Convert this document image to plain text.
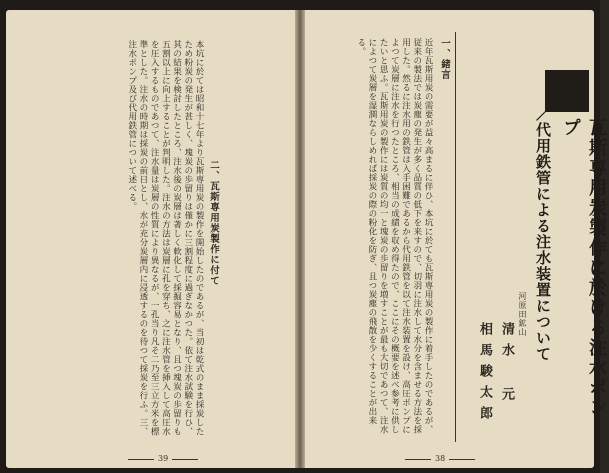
本坑に於ては昭和十七年より瓦斯専用炭の製作を開始したのであるが、当初は乾式のまま採炭したため粉炭の発生が甚しく、塊炭の歩留りは僅かに三割程度に過ぎなかつた。依て注水試験を行ひ、其の結果を検討したところ、注水後の炭層は著しく軟化して採掘容易となり、且つ塊炭の歩留りも五割以上に向上することが判明した。注水の方法は炭層に孔を穿ち、之に注水管を挿入して高圧水を圧入するものであつて、注水量は炭層の性質により異なるが、一孔当り凡そ二乃至三立方米を標準とした。注水の時期は採炭の前日とし、水が充分炭層内に浸透するのを待つて採炭を行ふ。三、注水ポンプ及び代用鉄管について述べる。
二、瓦斯専用炭製作に付て
39
瓦斯専用炭製作に於ける注水ポンプ
／代用鉄管による注水装置について
河原田鉱山
清水 元
相馬駿太郎
一、緒言
近年瓦斯用炭の需要が益々高まるに伴ひ、本坑に於ても瓦斯専用炭の製作に着手したのであるが、従来の製法では炭塵の発生が多く品質の低下を来すので、切羽に注水して水分を含ませる方法を採用した。然るに注水用の鉄管は入手困難であるから代用鉄管を以て注水装置を設け、高圧ポンプによつて炭層に注水を行つたところ、相当の成績を収め得たので、ここにその概要を述べ参考に供したいと思ふ。瓦斯用炭の製作には炭質の均一と塊炭の歩留りを増すことが最も大切であつて、注水によつて炭層を湿潤ならしめれば採炭の際の粉化を防ぎ、且つ炭塵の飛散を少くすることが出来る。
38
